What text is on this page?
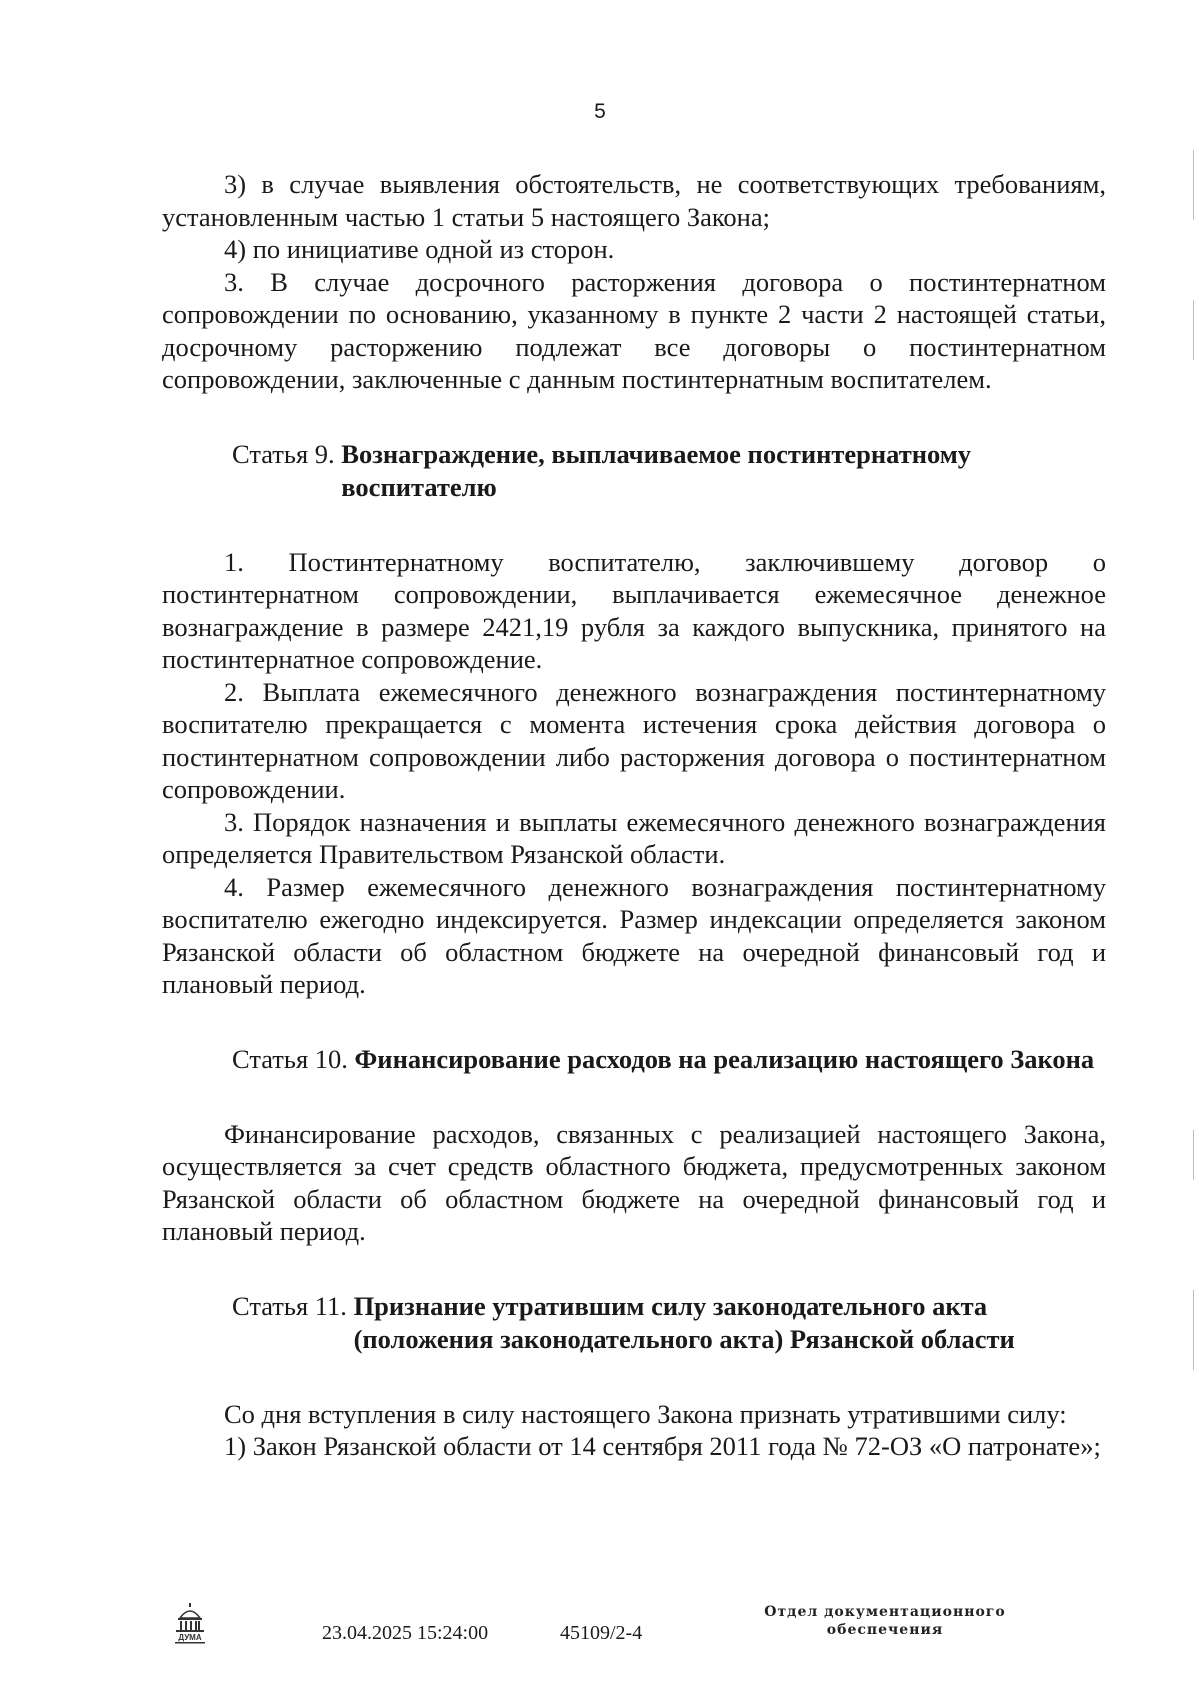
5

3) в случае выявления обстоятельств, не соответствующих требованиям, установленным частью 1 статьи 5 настоящего Закона;

4) по инициативе одной из сторон.

3. В случае досрочного расторжения договора о постинтернатном сопровождении по основанию, указанному в пункте 2 части 2 настоящей статьи, досрочному расторжению подлежат все договоры о постинтернатном сопровождении, заключенные с данным постинтернатным воспитателем.

Статья 9. Вознаграждение, выплачиваемое постинтернатному воспитателю

1. Постинтернатному воспитателю, заключившему договор о постинтернатном сопровождении, выплачивается ежемесячное денежное вознаграждение в размере 2421,19 рубля за каждого выпускника, принятого на постинтернатное сопровождение.

2. Выплата ежемесячного денежного вознаграждения постинтернатному воспитателю прекращается с момента истечения срока действия договора о постинтернатном сопровождении либо расторжения договора о постинтернатном сопровождении.

3. Порядок назначения и выплаты ежемесячного денежного вознаграждения определяется Правительством Рязанской области.

4. Размер ежемесячного денежного вознаграждения постинтернатному воспитателю ежегодно индексируется. Размер индексации определяется законом Рязанской области об областном бюджете на очередной финансовый год и плановый период.

Статья 10. Финансирование расходов на реализацию настоящего Закона

Финансирование расходов, связанных с реализацией настоящего Закона, осуществляется за счет средств областного бюджета, предусмотренных законом Рязанской области об областном бюджете на очередной финансовый год и плановый период.

Статья 11. Признание утратившим силу законодательного акта (положения законодательного акта) Рязанской области

Со дня вступления в силу настоящего Закона признать утратившими силу:

1) Закон Рязанской области от 14 сентября 2011 года № 72-ОЗ «О патронате»;

ДУМА	23.04.2025 15:24:00	45109/2-4
Отдел документационного
обеспечения
